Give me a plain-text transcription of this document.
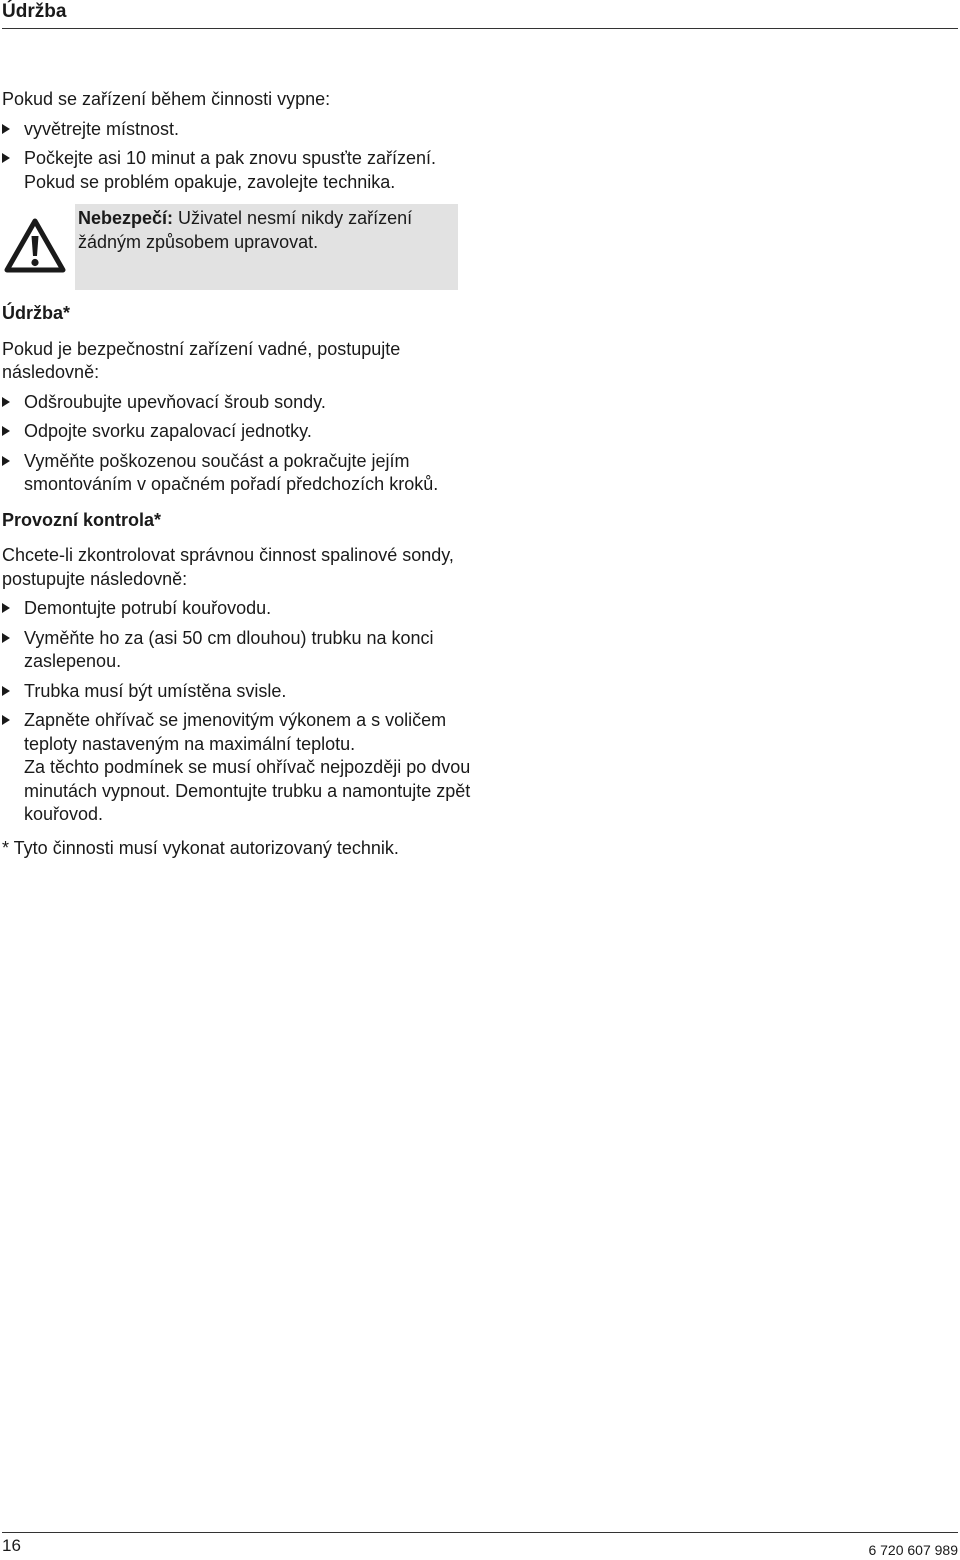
Údržba

Pokud se zařízení během činnosti vypne:

vyvětrejte místnost.
Počkejte asi 10 minut a pak znovu spusťte zařízení.
Pokud se problém opakuje, zavolejte technika.
Nebezpečí: Uživatel nesmí nikdy zařízení žádným způsobem upravovat.
Údržba*

Pokud je bezpečnostní zařízení vadné, postupujte následovně:

Odšroubujte upevňovací šroub sondy.
Odpojte svorku zapalovací jednotky.
Vyměňte poškozenou součást a pokračujte jejím smontováním v opačném pořadí předchozích kroků.
Provozní kontrola*

Chcete-li zkontrolovat správnou činnost spalinové sondy, postupujte následovně:

Demontujte potrubí kouřovodu.
Vyměňte ho za (asi 50 cm dlouhou) trubku na konci zaslepenou.
Trubka musí být umístěna svisle.
Zapněte ohřívač se jmenovitým výkonem a s voličem teploty nastaveným na maximální teplotu.
Za těchto podmínek se musí ohřívač nejpozději po dvou minutách vypnout. Demontujte trubku a namontujte zpět kouřovod.

* Tyto činnosti musí vykonat autorizovaný technik.

16	6 720 607 989
